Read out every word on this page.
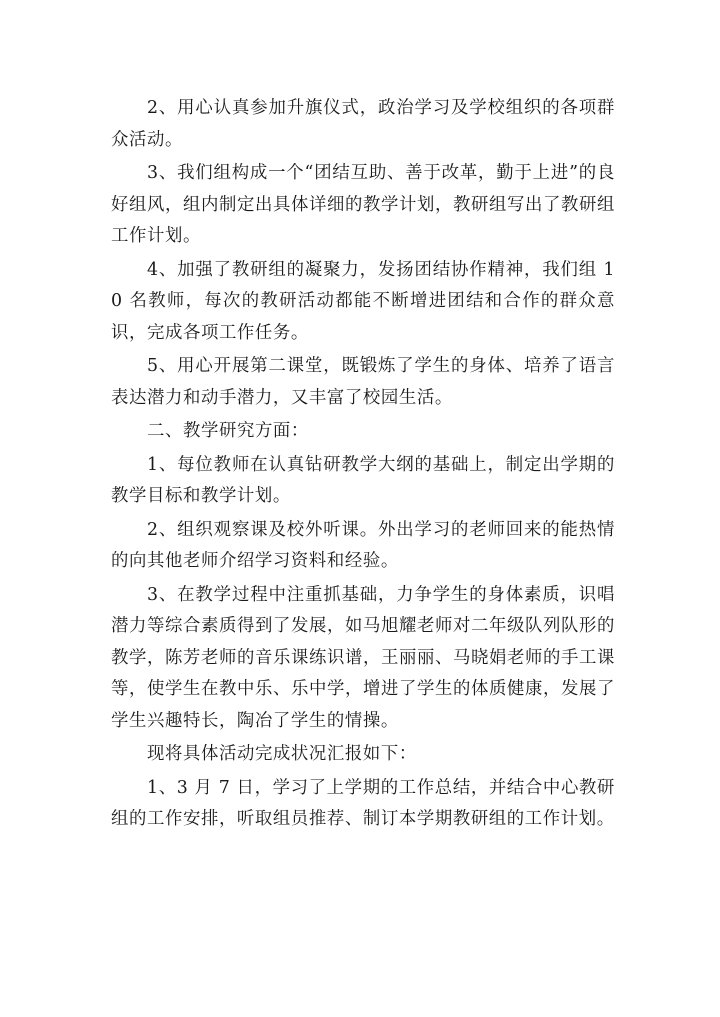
2、用心认真参加升旗仪式，政治学习及学校组织的各项群众活动。

3、我们组构成一个“团结互助、善于改革，勤于上进”的良好组风，组内制定出具体详细的教学计划，教研组写出了教研组工作计划。

4、加强了教研组的凝聚力，发扬团结协作精神，我们组 10 名教师，每次的教研活动都能不断增进团结和合作的群众意识，完成各项工作任务。

5、用心开展第二课堂，既锻炼了学生的身体、培养了语言表达潜力和动手潜力，又丰富了校园生活。

二、教学研究方面：

1、每位教师在认真钻研教学大纲的基础上，制定出学期的教学目标和教学计划。

2、组织观察课及校外听课。外出学习的老师回来的能热情的向其他老师介绍学习资料和经验。

3、在教学过程中注重抓基础，力争学生的身体素质，识唱潜力等综合素质得到了发展，如马旭耀老师对二年级队列队形的教学，陈芳老师的音乐课练识谱，王丽丽、马晓娟老师的手工课等，使学生在教中乐、乐中学，增进了学生的体质健康，发展了学生兴趣特长，陶冶了学生的情操。

现将具体活动完成状况汇报如下：

1、3 月 7 日，学习了上学期的工作总结，并结合中心教研组的工作安排，听取组员推荐、制订本学期教研组的工作计划。
